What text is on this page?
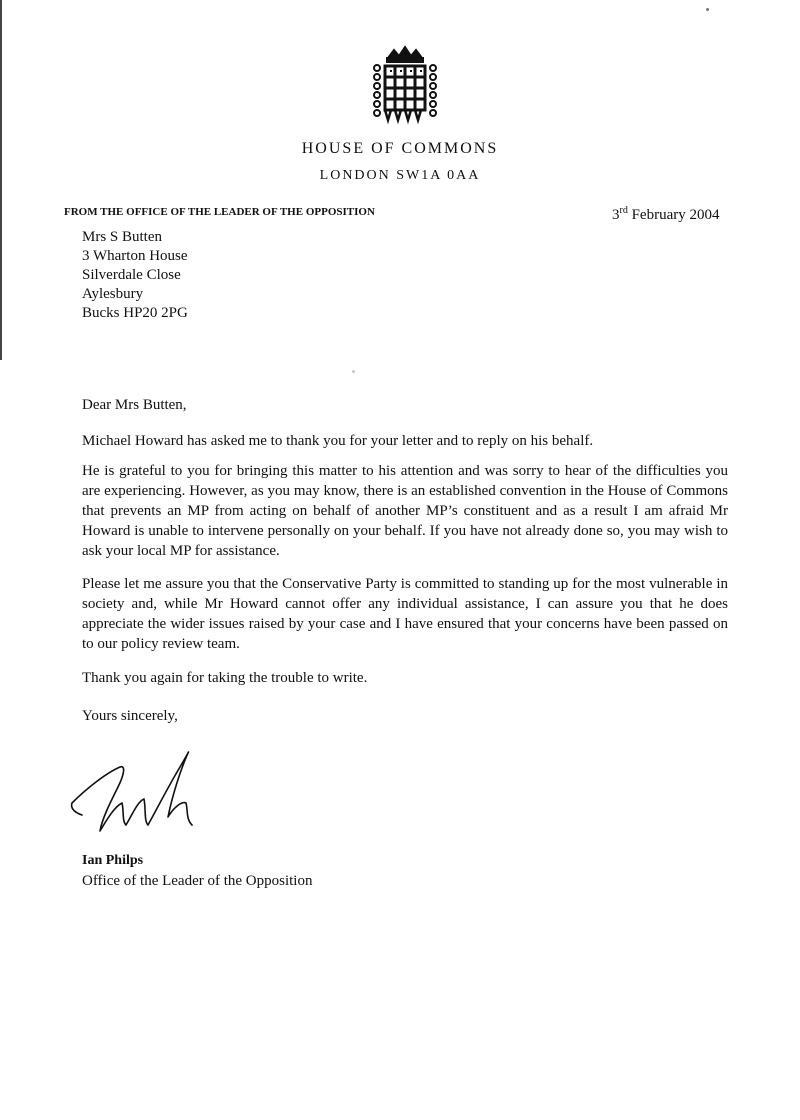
HOUSE OF COMMONS
LONDON SW1A 0AA
FROM THE OFFICE OF THE LEADER OF THE OPPOSITION	3rd February 2004
Mrs S Butten
3 Wharton House
Silverdale Close
Aylesbury
Bucks HP20 2PG

Dear Mrs Butten,

Michael Howard has asked me to thank you for your letter and to reply on his behalf.

He is grateful to you for bringing this matter to his attention and was sorry to hear of the difficulties you are experiencing. However, as you may know, there is an established convention in the House of Commons that prevents an MP from acting on behalf of another MP’s constituent and as a result I am afraid Mr Howard is unable to intervene personally on your behalf. If you have not already done so, you may wish to ask your local MP for assistance.

Please let me assure you that the Conservative Party is committed to standing up for the most vulnerable in society and, while Mr Howard cannot offer any individual assistance, I can assure you that he does appreciate the wider issues raised by your case and I have ensured that your concerns have been passed on to our policy review team.

Thank you again for taking the trouble to write.

Yours sincerely,

Ian Philps
Office of the Leader of the Opposition
